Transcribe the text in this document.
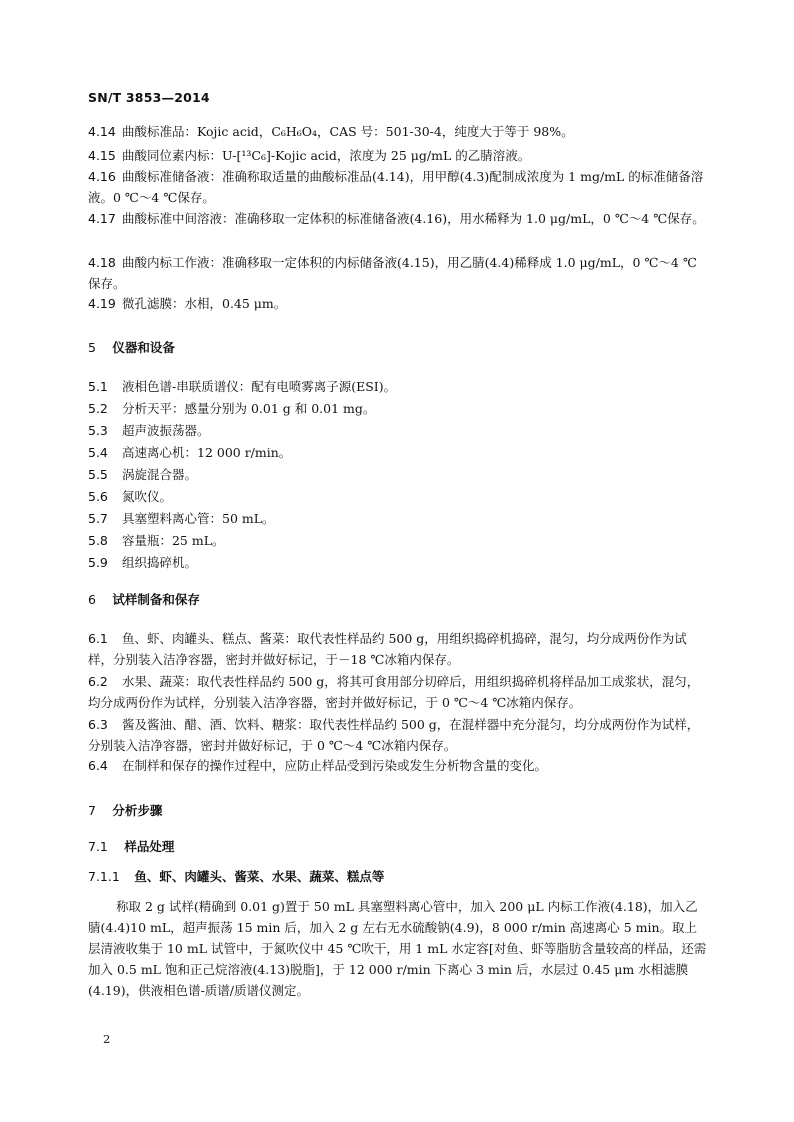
SN/T 3853—2014
4.14 曲酸标准品：Kojic acid，C₆H₆O₄，CAS 号：501-30-4，纯度大于等于 98%。
4.15 曲酸同位素内标：U-[¹³C₆]-Kojic acid，浓度为 25 μg/mL 的乙腈溶液。
4.16 曲酸标准储备液：准确称取适量的曲酸标准品(4.14)，用甲醇(4.3)配制成浓度为 1 mg/mL 的标准储备溶液。0 ℃～4 ℃保存。
4.17 曲酸标准中间溶液：准确移取一定体积的标准储备液(4.16)，用水稀释为 1.0 μg/mL，0 ℃～4 ℃保存。
4.18 曲酸内标工作液：准确移取一定体积的内标储备液(4.15)，用乙腈(4.4)稀释成 1.0 μg/mL，0 ℃～4 ℃保存。
4.19 微孔滤膜：水相，0.45 μm。
5 仪器和设备
5.1 液相色谱-串联质谱仪：配有电喷雾离子源(ESI)。
5.2 分析天平：感量分别为 0.01 g 和 0.01 mg。
5.3 超声波振荡器。
5.4 高速离心机：12 000 r/min。
5.5 涡旋混合器。
5.6 氮吹仪。
5.7 具塞塑料离心管：50 mL。
5.8 容量瓶：25 mL。
5.9 组织捣碎机。
6 试样制备和保存
6.1 鱼、虾、肉罐头、糕点、酱菜：取代表性样品约 500 g，用组织捣碎机捣碎，混匀，均分成两份作为试样，分别装入洁净容器，密封并做好标记，于－18 ℃冰箱内保存。
6.2 水果、蔬菜：取代表性样品约 500 g，将其可食用部分切碎后，用组织捣碎机将样品加工成浆状，混匀，均分成两份作为试样，分别装入洁净容器，密封并做好标记，于 0 ℃～4 ℃冰箱内保存。
6.3 酱及酱油、醋、酒、饮料、糖浆：取代表性样品约 500 g，在混样器中充分混匀，均分成两份作为试样，分别装入洁净容器，密封并做好标记，于 0 ℃～4 ℃冰箱内保存。
6.4 在制样和保存的操作过程中，应防止样品受到污染或发生分析物含量的变化。
7 分析步骤
7.1 样品处理
7.1.1 鱼、虾、肉罐头、酱菜、水果、蔬菜、糕点等
称取 2 g 试样(精确到 0.01 g)置于 50 mL 具塞塑料离心管中，加入 200 μL 内标工作液(4.18)，加入乙腈(4.4)10 mL，超声振荡 15 min 后，加入 2 g 左右无水硫酸钠(4.9)，8 000 r/min 高速离心 5 min。取上层清液收集于 10 mL 试管中，于氮吹仪中 45 ℃吹干，用 1 mL 水定容[对鱼、虾等脂肪含量较高的样品，还需加入 0.5 mL 饱和正己烷溶液(4.13)脱脂]，于 12 000 r/min 下离心 3 min 后，水层过 0.45 μm 水相滤膜(4.19)，供液相色谱-质谱/质谱仪测定。
2
